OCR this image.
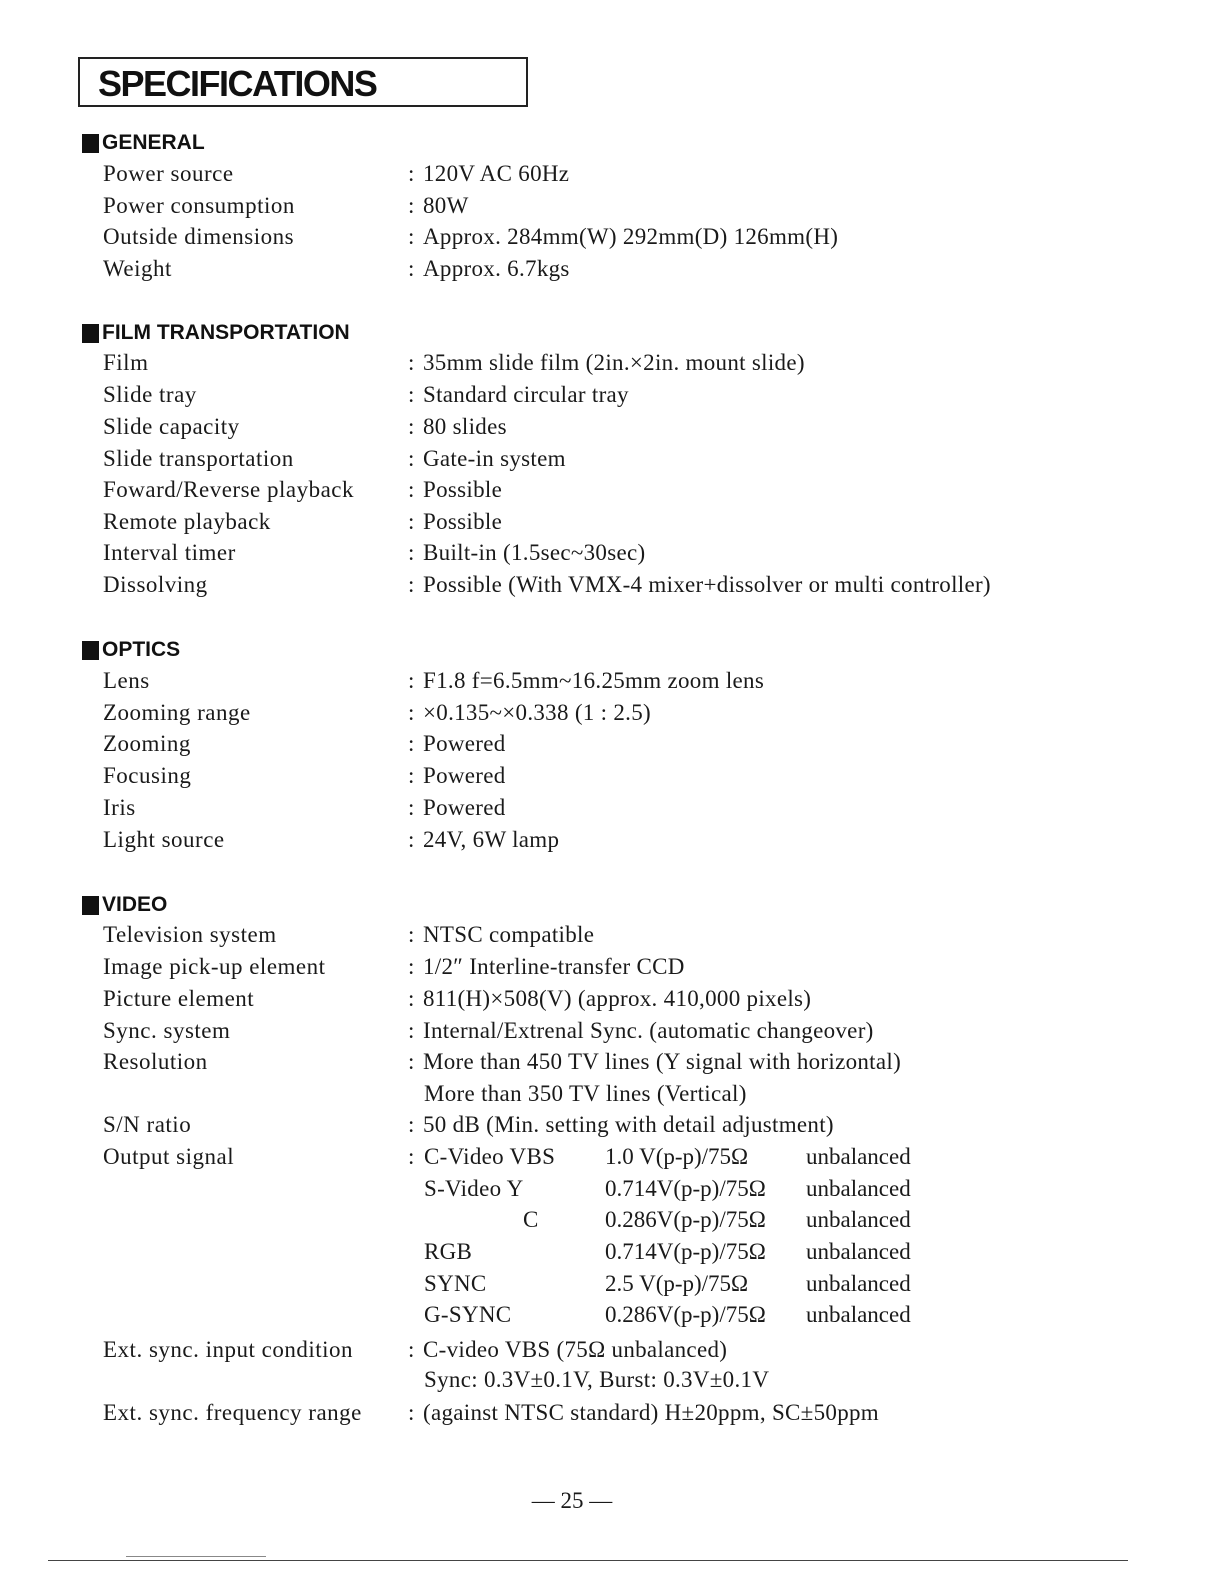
SPECIFICATIONS
GENERAL
Power source	: 120V AC 60Hz
Power consumption	: 80W
Outside dimensions	: Approx. 284mm(W) 292mm(D) 126mm(H)
Weight	: Approx. 6.7kgs
FILM TRANSPORTATION
Film	: 35mm slide film (2in.×2in. mount slide)
Slide tray	: Standard circular tray
Slide capacity	: 80 slides
Slide transportation	: Gate-in system
Foward/Reverse playback : Possible
Remote playback	: Possible
Interval timer	: Built-in (1.5sec~30sec)
Dissolving	: Possible (With VMX-4 mixer+dissolver or multi controller)
OPTICS
Lens	: F1.8 f=6.5mm~16.25mm zoom lens
Zooming range	: ×0.135~×0.338 (1 : 2.5)
Zooming	: Powered
Focusing	: Powered
Iris	: Powered
Light source	: 24V, 6W lamp
VIDEO
Television system	: NTSC compatible
Image pick-up element	: 1/2″ Interline-transfer CCD
Picture element	: 811(H)×508(V) (approx. 410,000 pixels)
Sync. system	: Internal/Extrenal Sync. (automatic changeover)
Resolution	: More than 450 TV lines (Y signal with horizontal)
More than 350 TV lines (Vertical)
S/N ratio	: 50 dB (Min. setting with detail adjustment)
Output signal	: C-Video VBS 1.0 V(p-p)/75Ω	unbalanced
S-Video Y	0.714V(p-p)/75Ω unbalanced
C	0.286V(p-p)/75Ω unbalanced
RGB	0.714V(p-p)/75Ω unbalanced
SYNC	2.5 V(p-p)/75Ω	unbalanced
G-SYNC	0.286V(p-p)/75Ω unbalanced
Ext. sync. input condition : C-video VBS (75Ω unbalanced)
Sync: 0.3V±0.1V, Burst: 0.3V±0.1V
Ext. sync. frequency range : (against NTSC standard) H±20ppm, SC±50ppm
— 25 —
